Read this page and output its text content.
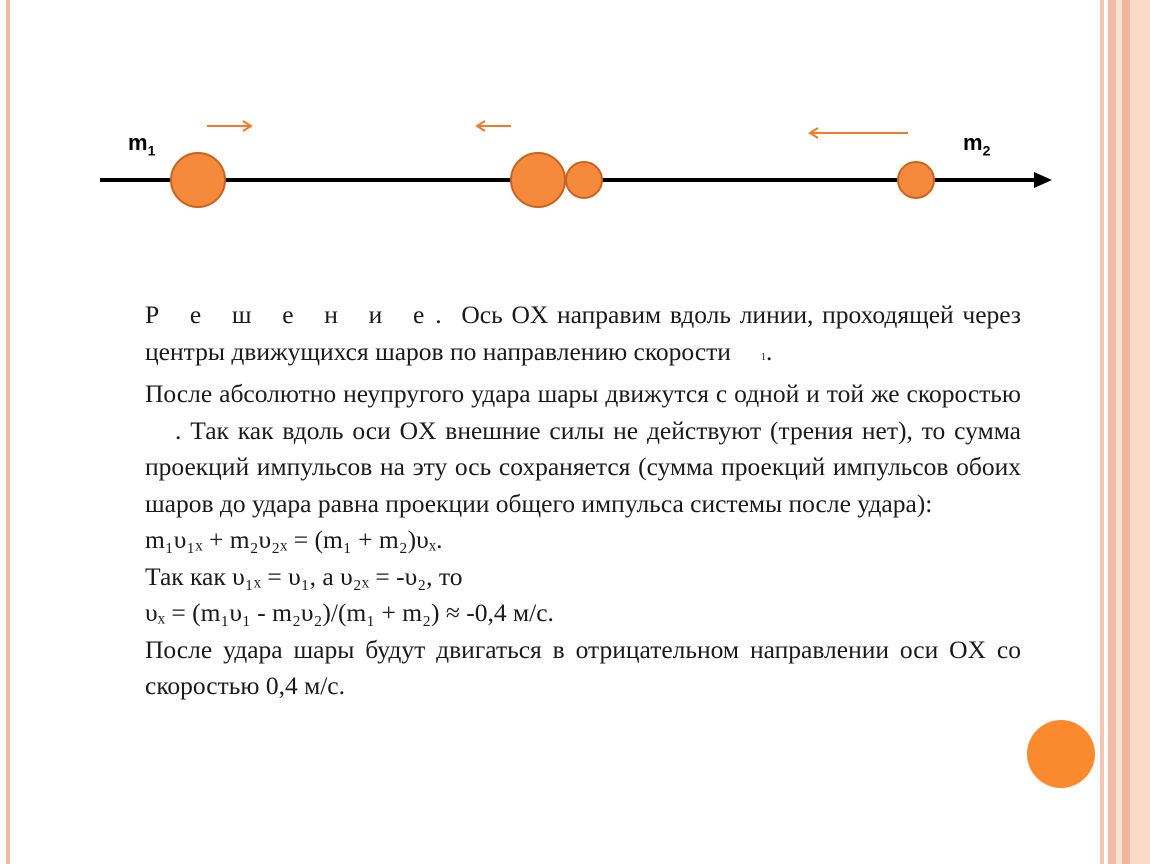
$m_1$	$m_2$

Р е ш е н и е. Ось OX направим вдоль линии, проходящей через центры движущихся шаров по направлению скорости	1.

После абсолютно неупругого удара шары движутся с одной и той же скоростью. Так как вдоль оси OX внешние силы не действуют (трения нет), то сумма проекций импульсов на эту ось сохраняется (сумма проекций импульсов обоих шаров до удара равна проекции общего импульса системы после удара):

m₁υ₁ₓ + m₂υ₂ₓ = (m₁ + m₂)υₓ.

Так как υ₁ₓ = υ₁, а υ₂ₓ = -υ₂, то

υₓ = (m₁υ₁ - m₂υ₂)/(m₁ + m₂) ≈ -0,4 м/с.

После удара шары будут двигаться в отрицательном направлении оси OX со скоростью 0,4 м/с.
